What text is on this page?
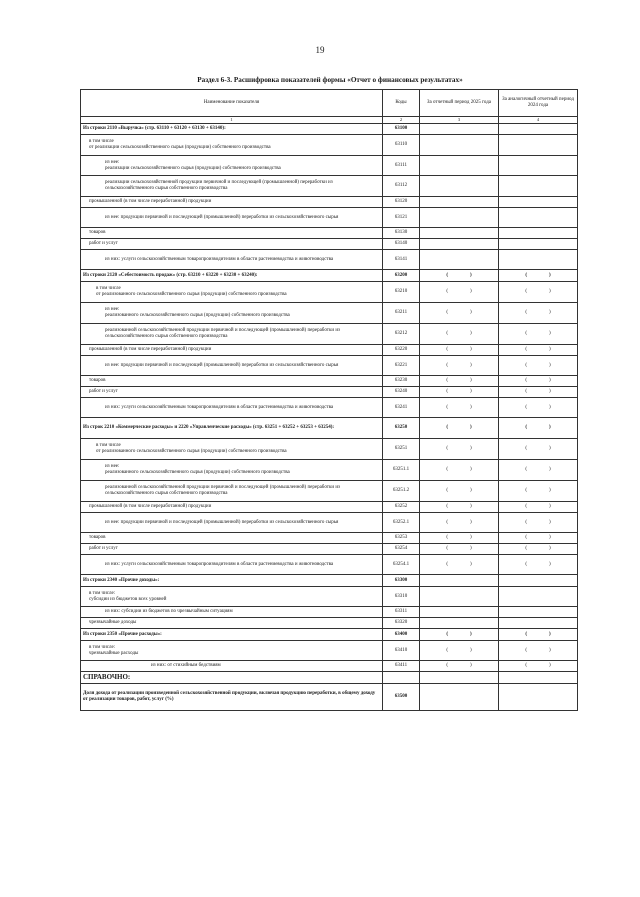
19
Раздел 6-3. Расшифровка показателей формы «Отчет о финансовых результатах»
Наименование показателя	Коды	За отчетный период 2025 года	За аналогичный отчетный период 2024 года
1	2	3	4
Из строки 2110 «Выручка» (стр. 63110 + 63120 + 63130 + 63140):	63100		
в том числе
от реализации сельскохозяйственного сырья (продукции) собственного производства	63110		
из нее:
реализации сельскохозяйственного сырья (продукции) собственного производства	63111		
реализации сельскохозяйственной продукции первичной и последующей (промышленной) переработки из сельскохозяйственного сырья собственного производства	63112		
промышленной (в том числе переработанной) продукции	63120		
из нее: продукции первичной и последующей (промышленной) переработки из сельскохозяйственного сырья	63121		
товаров	63130		
работ и услуг	63140		
из них: услуги сельскохозяйственным товаропроизводителям в области растениеводства и животноводства	63141		
Из строки 2120 «Себестоимость продаж» (стр. 63210 + 63220 + 63230 + 63240):	63200	( )	( )
в том числе
от реализованного сельскохозяйственного сырья (продукции) собственного производства	63210	( )	( )
из нее:
реализованного сельскохозяйственного сырья (продукции) собственного производства	63211	( )	( )
реализованной сельскохозяйственной продукции первичной и последующей (промышленной) переработки из сельскохозяйственного сырья собственного производства	63212	( )	( )
промышленной (в том числе переработанной) продукции	63220	( )	( )
из нее: продукции первичной и последующей (промышленной) переработки из сельскохозяйственного сырья	63221	( )	( )
товаров	63230	( )	( )
работ и услуг	63240	( )	( )
из них: услуги сельскохозяйственным товаропроизводителям в области растениеводства и животноводства	63241	( )	( )
Из строк 2210 «Коммерческие расходы» и 2220 «Управленческие расходы» (стр. 63251 + 63252 + 63253 + 63254):	63250	( )	( )
в том числе
от реализованного сельскохозяйственного сырья (продукции) собственного производства	63251	( )	( )
из нее:
реализованного сельскохозяйственного сырья (продукции) собственного производства	63251.1	( )	( )
реализованной сельскохозяйственной продукции первичной и последующей (промышленной) переработки из сельскохозяйственного сырья собственного производства	63251.2	( )	( )
промышленной (в том числе переработанной) продукции	63252	( )	( )
из нее: продукции первичной и последующей (промышленной) переработки из сельскохозяйственного сырья	63252.1	( )	( )
товаров	63253	( )	( )
работ и услуг	63254	( )	( )
из них: услуги сельскохозяйственным товаропроизводителям в области растениеводства и животноводства	63254.1	( )	( )
Из строки 2340 «Прочие доходы»:	63300		
в том числе:
субсидии из бюджетов всех уровней	63310		
из них: субсидии из бюджетов по чрезвычайным ситуациям	63311		
чрезвычайные доходы	63320		
Из строки 2350 «Прочие расходы»:	63400	( )	( )
в том числе:
чрезвычайные расходы	63410	( )	( )
из них: от стихийным бедствиям	63411	( )	( )
СПРАВОЧНО:			
Доля дохода от реализации произведенной сельскохозяйственной продукции, включая продукцию переработки, в общему доходу от реализации товаров, работ, услуг (%)	63500		
